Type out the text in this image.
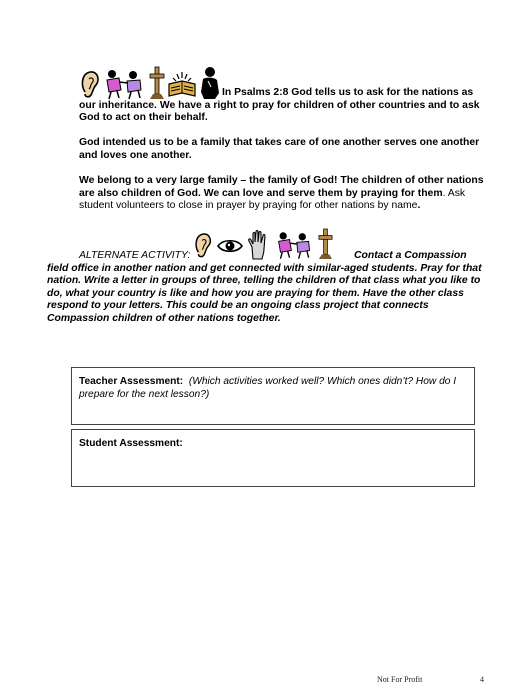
In Psalms 2:8 God tells us to ask for the nations as
our inheritance. We have a right to pray for children of other countries and to ask
God to act on their behalf.
God intended us to be a family that takes care of one another serves one another
and loves one another.
We belong to a very large family – the family of God! The children of other nations
are also children of God. We can love and serve them by praying for them. Ask
student volunteers to close in prayer by praying for other nations by name.
ALTERNATE ACTIVITY:	Contact a Compassion
field office in another nation and get connected with similar-aged students. Pray for that
nation. Write a letter in groups of three, telling the children of that class what you like to
do, what your country is like and how you are praying for them. Have the other class
respond to your letters. This could be an ongoing class project that connects
Compassion children of other nations together.
Teacher Assessment: (Which activities worked well? Which ones didn’t? How do I
prepare for the next lesson?)
Student Assessment:
Not For Profit	4
